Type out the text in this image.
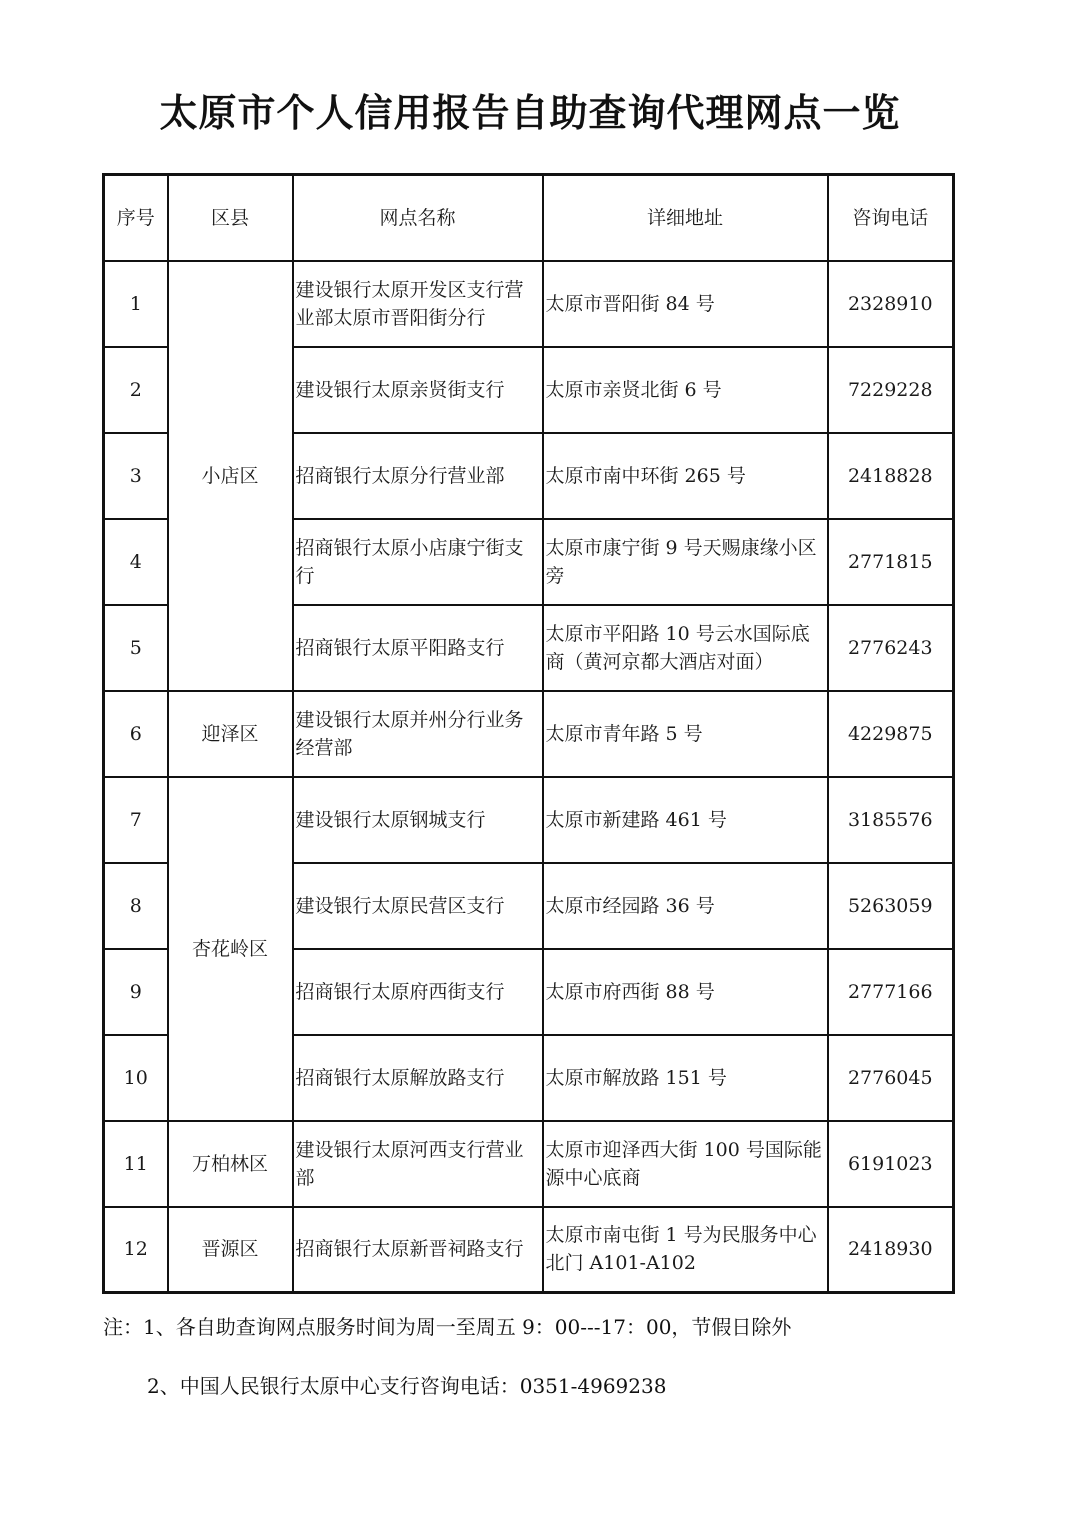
太原市个人信用报告自助查询代理网点一览
序号	区县	网点名称	详细地址	咨询电话
1	小店区	建设银行太原开发区支行营业部太原市晋阳街分行	太原市晋阳街 84 号	2328910
2		建设银行太原亲贤街支行	太原市亲贤北街 6 号	7229228
3		招商银行太原分行营业部	太原市南中环街 265 号	2418828
4		招商银行太原小店康宁街支行	太原市康宁街 9 号天赐康缘小区旁	2771815
5		招商银行太原平阳路支行	太原市平阳路 10 号云水国际底商（黄河京都大酒店对面）	2776243
6	迎泽区	建设银行太原并州分行业务经营部	太原市青年路 5 号	4229875
7	杏花岭区	建设银行太原钢城支行	太原市新建路 461 号	3185576
8		建设银行太原民营区支行	太原市经园路 36 号	5263059
9		招商银行太原府西街支行	太原市府西街 88 号	2777166
10		招商银行太原解放路支行	太原市解放路 151 号	2776045
11	万柏林区	建设银行太原河西支行营业部	太原市迎泽西大街 100 号国际能源中心底商	6191023
12	晋源区	招商银行太原新晋祠路支行	太原市南屯街 1 号为民服务中心北门 A101-A102	2418930

注：1、各自助查询网点服务时间为周一至周五 9：00---17：00，节假日除外

2、中国人民银行太原中心支行咨询电话：0351-4969238
